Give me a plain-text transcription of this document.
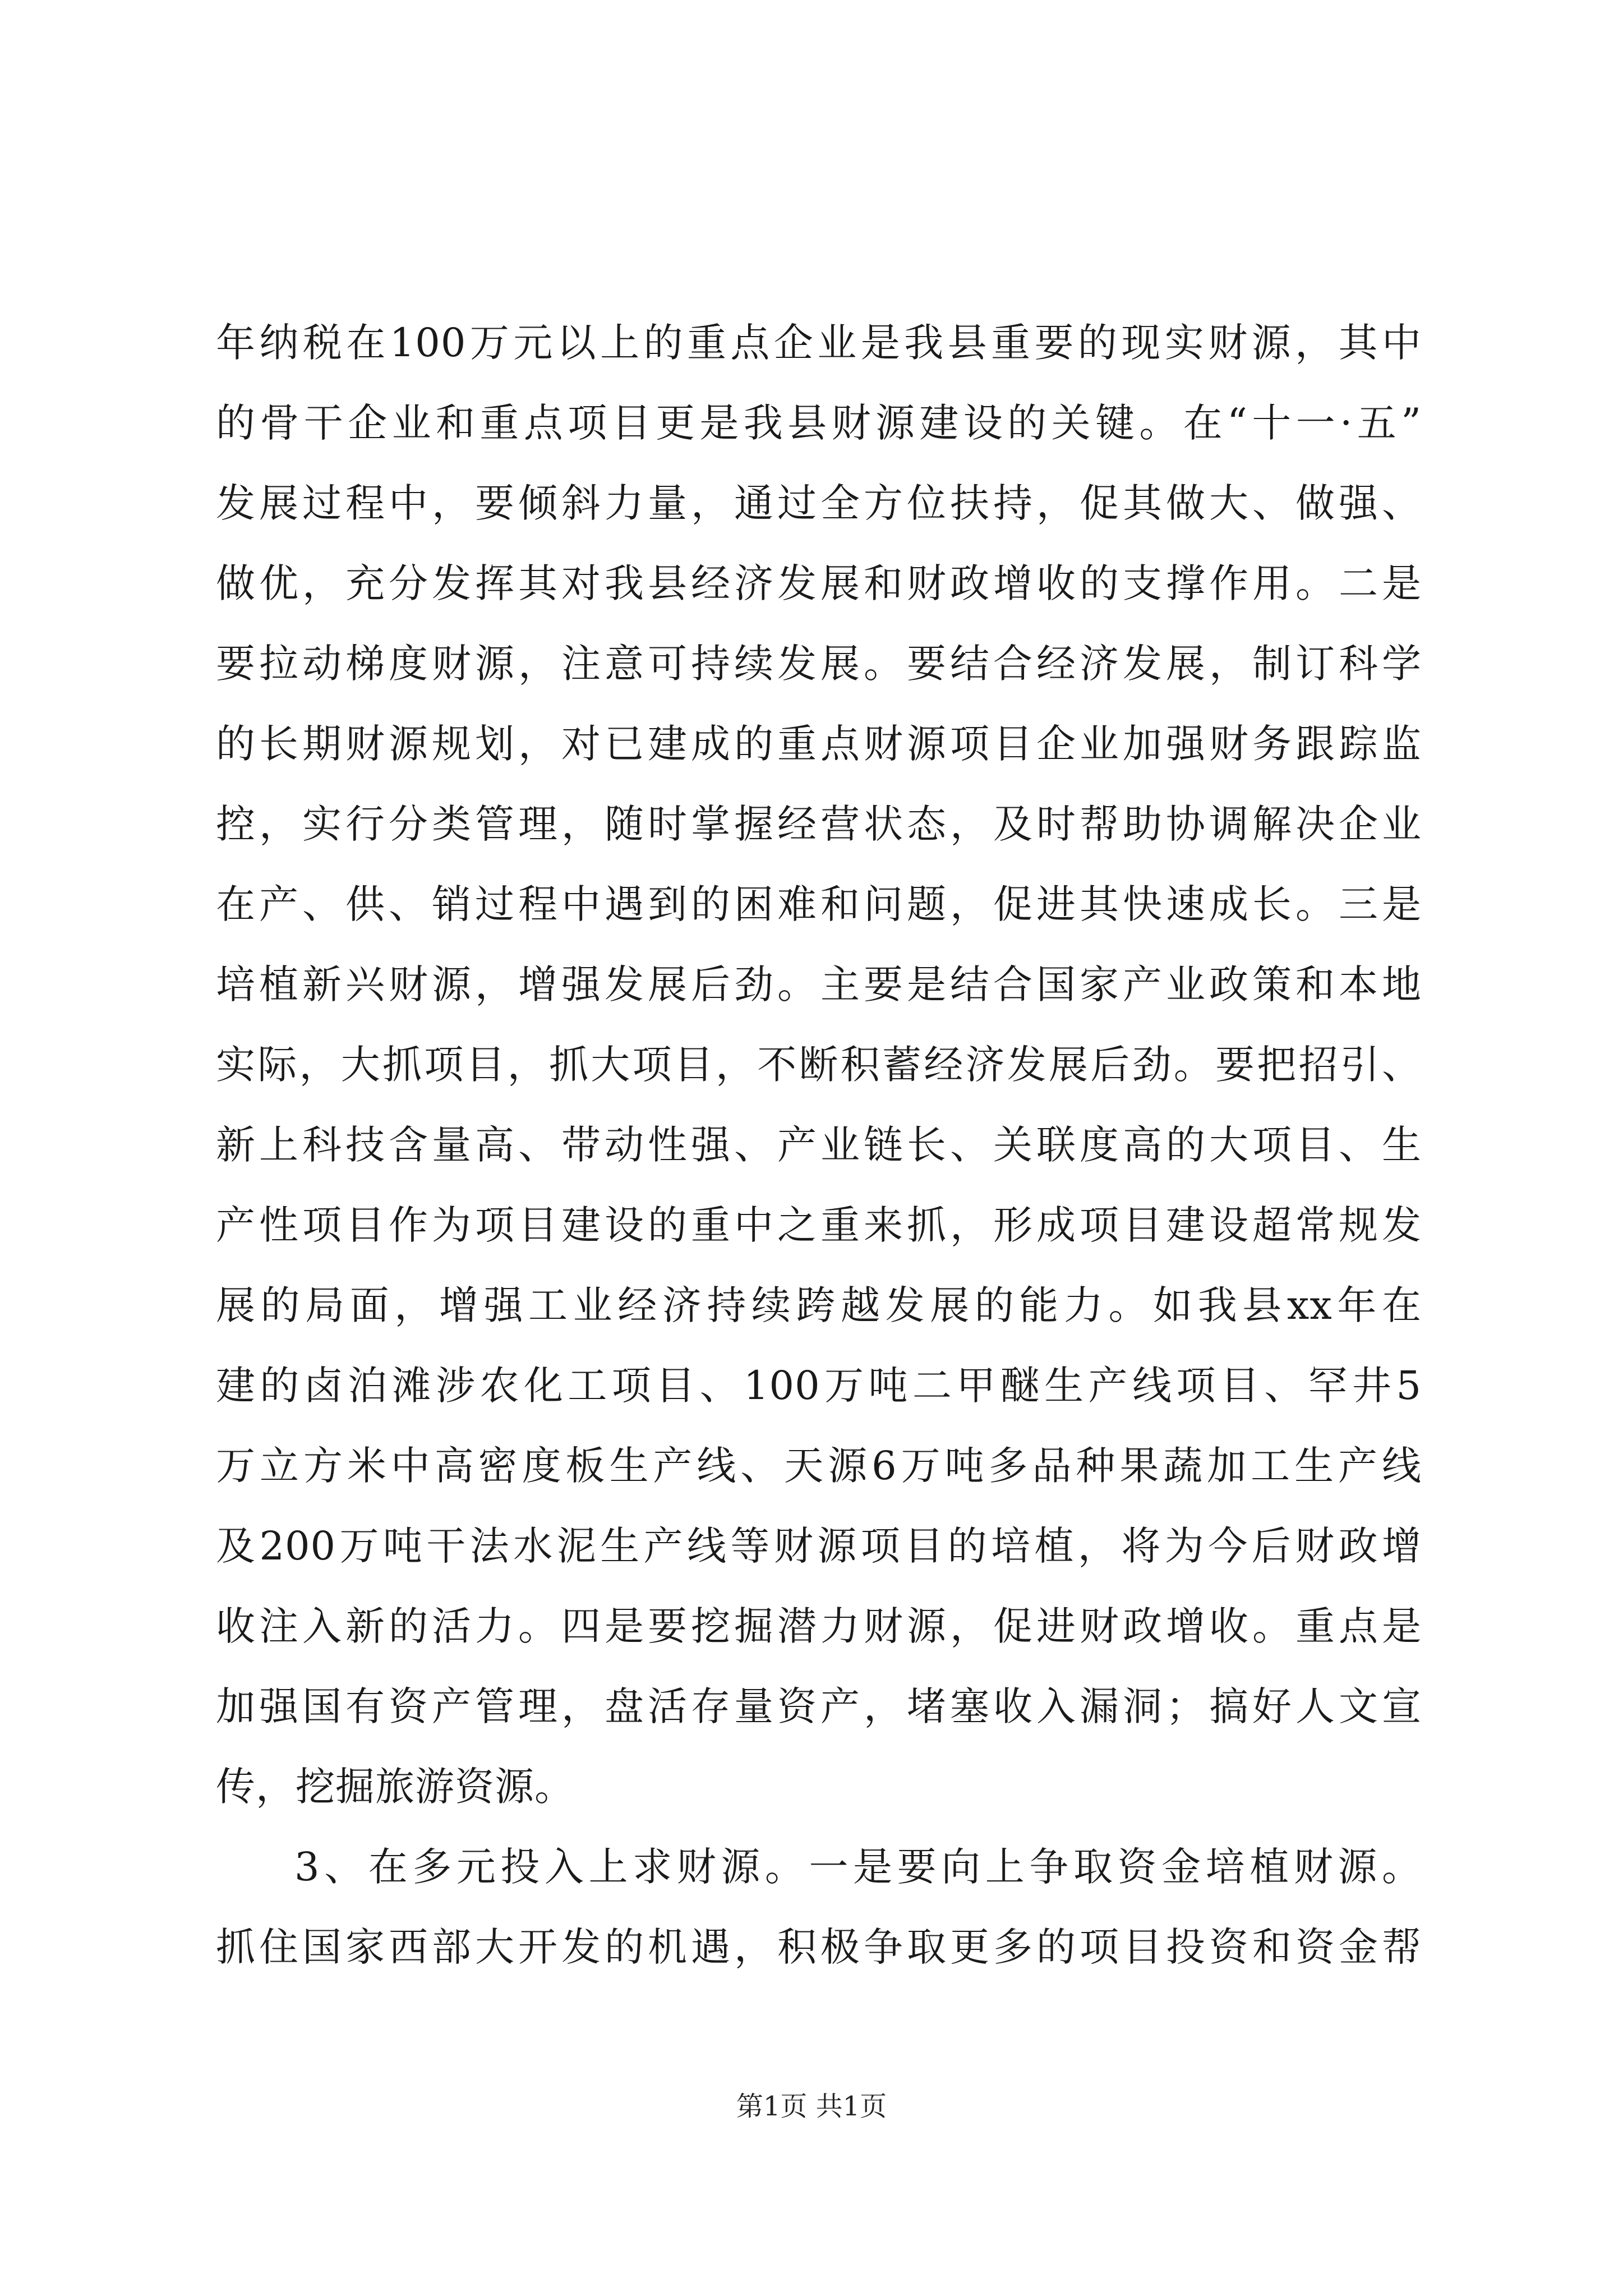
年纳税在100万元以上的重点企业是我县重要的现实财源，其中
的骨干企业和重点项目更是我县财源建设的关键。在“十一·五”
发展过程中，要倾斜力量，通过全方位扶持，促其做大、做强、
做优，充分发挥其对我县经济发展和财政增收的支撑作用。二是
要拉动梯度财源，注意可持续发展。要结合经济发展，制订科学
的长期财源规划，对已建成的重点财源项目企业加强财务跟踪监
控，实行分类管理，随时掌握经营状态，及时帮助协调解决企业
在产、供、销过程中遇到的困难和问题，促进其快速成长。三是
培植新兴财源，增强发展后劲。主要是结合国家产业政策和本地
实际，大抓项目，抓大项目，不断积蓄经济发展后劲。要把招引、
新上科技含量高、带动性强、产业链长、关联度高的大项目、生
产性项目作为项目建设的重中之重来抓，形成项目建设超常规发
展的局面，增强工业经济持续跨越发展的能力。如我县xx年在
建的卤泊滩涉农化工项目、100万吨二甲醚生产线项目、罕井5
万立方米中高密度板生产线、天源6万吨多品种果蔬加工生产线
及200万吨干法水泥生产线等财源项目的培植，将为今后财政增
收注入新的活力。四是要挖掘潜力财源，促进财政增收。重点是
加强国有资产管理，盘活存量资产，堵塞收入漏洞；搞好人文宣
传，挖掘旅游资源。
3、在多元投入上求财源。一是要向上争取资金培植财源。
抓住国家西部大开发的机遇，积极争取更多的项目投资和资金帮
第1页 共1页
